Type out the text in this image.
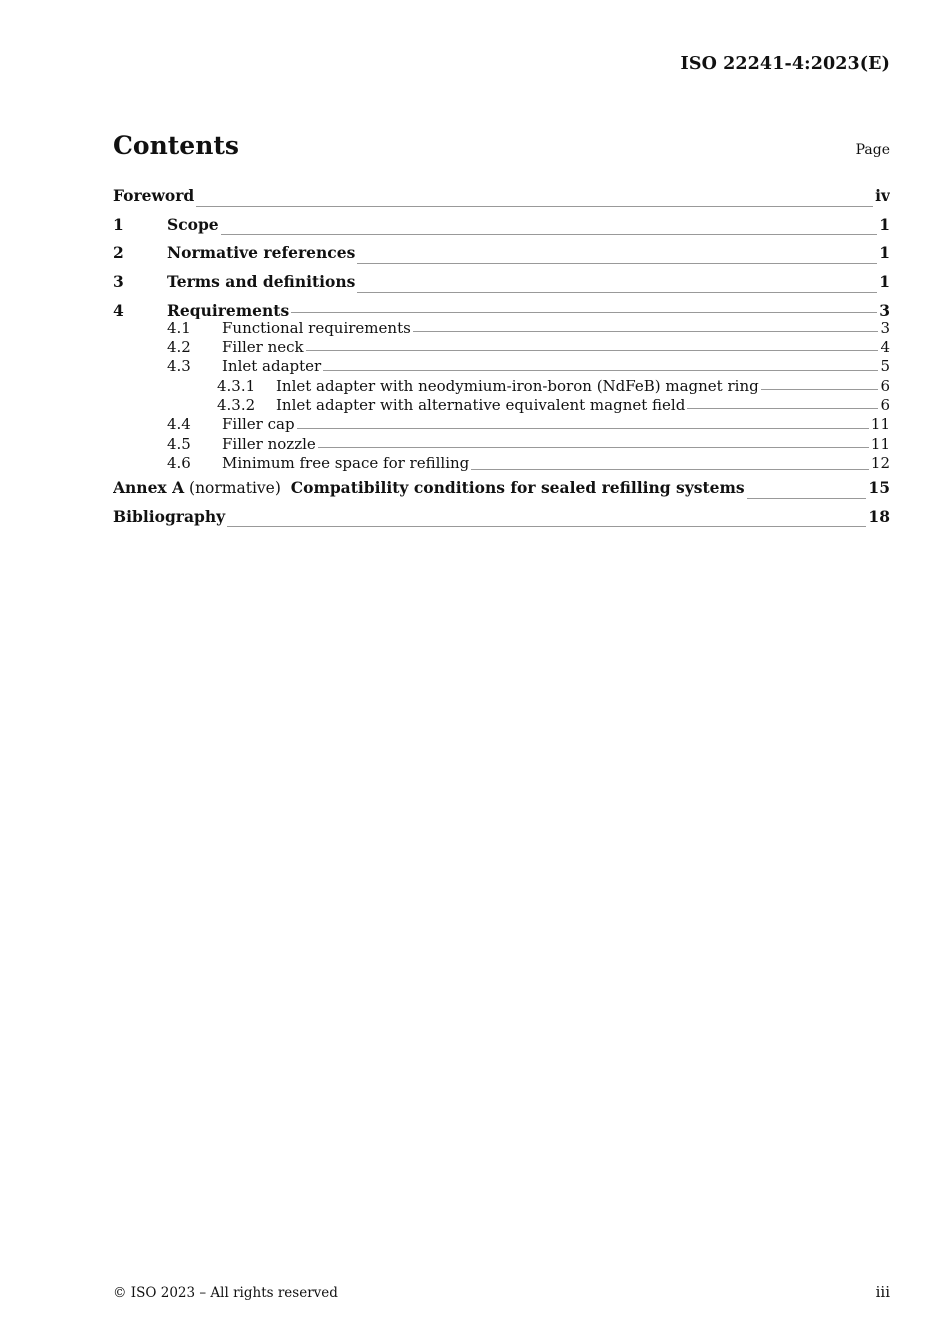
ISO 22241-4:2023(E)
Contents	Page
Foreword	iv
1	Scope	1
2	Normative references	1
3	Terms and definitions	1
4	Requirements	3
4.1	Functional requirements	3
4.2	Filler neck	4
4.3	Inlet adapter	5
4.3.1	Inlet adapter with neodymium-iron-boron (NdFeB) magnet ring	6
4.3.2	Inlet adapter with alternative equivalent magnet field	6
4.4	Filler cap	11
4.5	Filler nozzle	11
4.6	Minimum free space for refilling	12
Annex A
(normative)
Compatibility conditions for sealed refilling systems	15
Bibliography	18
© ISO 2023 – All rights reserved	iii
